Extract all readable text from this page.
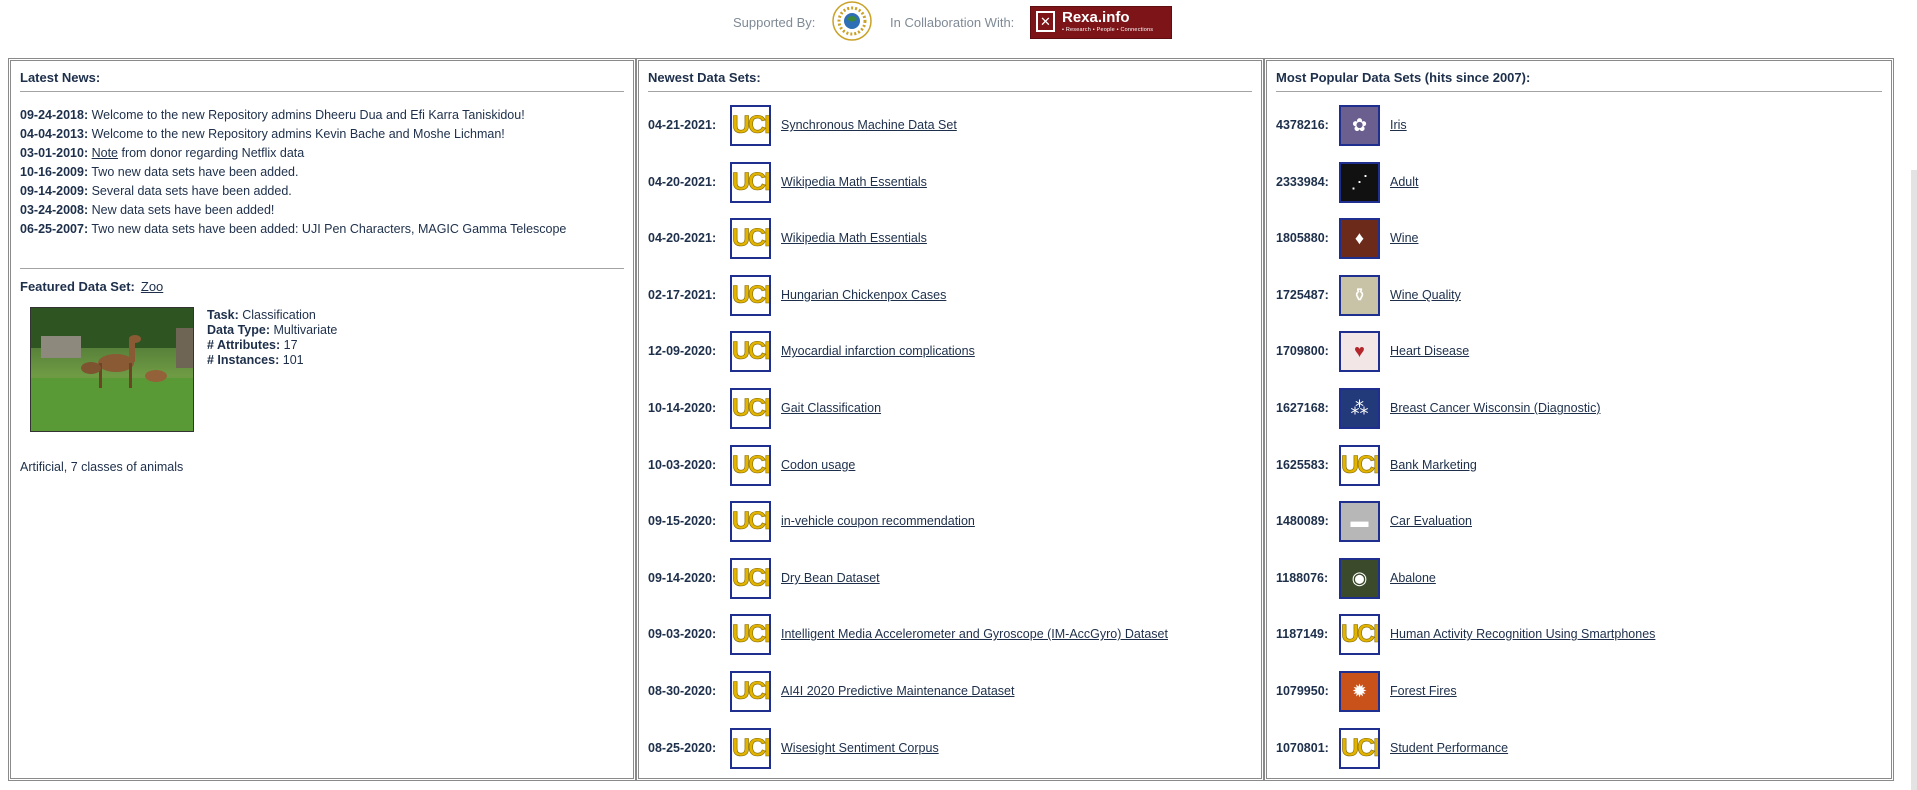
Supported By:	In Collaboration With:	✕ Rexa.info
• Research • People • Connections
Latest News:
09-24-2018: Welcome to the new Repository admins Dheeru Dua and Efi Karra Taniskidou!
04-04-2013: Welcome to the new Repository admins Kevin Bache and Moshe Lichman!
03-01-2010: Note from donor regarding Netflix data
10-16-2009: Two new data sets have been added.
09-14-2009: Several data sets have been added.
03-24-2008: New data sets have been added!
06-25-2007: Two new data sets have been added: UJI Pen Characters, MAGIC Gamma Telescope
Featured Data Set: Zoo
Task: Classification
Data Type: Multivariate
# Attributes: 17
# Instances: 101
Artificial, 7 classes of animals
Newest Data Sets:
04-21-2021: UCI Synchronous Machine Data Set
04-20-2021: UCI Wikipedia Math Essentials
04-20-2021: UCI Wikipedia Math Essentials
02-17-2021: UCI Hungarian Chickenpox Cases
12-09-2020: UCI Myocardial infarction complications
10-14-2020: UCI Gait Classification
10-03-2020: UCI Codon usage
09-15-2020: UCI in-vehicle coupon recommendation
09-14-2020: UCI Dry Bean Dataset
09-03-2020: UCI Intelligent Media Accelerometer and Gyroscope (IM-AccGyro) Dataset
08-30-2020: UCI AI4I 2020 Predictive Maintenance Dataset
08-25-2020: UCI Wisesight Sentiment Corpus
Most Popular Data Sets (hits since 2007):
4378216:	✿	Iris
2333984:	⋰	Adult
1805880:	♦	Wine
1725487:	⚱	Wine Quality
1709800:	♥	Heart Disease
1627168:	⁂	Breast Cancer Wisconsin (Diagnostic)
1625583: UCI Bank Marketing
1480089:	▬	Car Evaluation
1188076:	◉	Abalone
1187149: UCI Human Activity Recognition Using Smartphones
1079950:	✹	Forest Fires
1070801: UCI Student Performance
